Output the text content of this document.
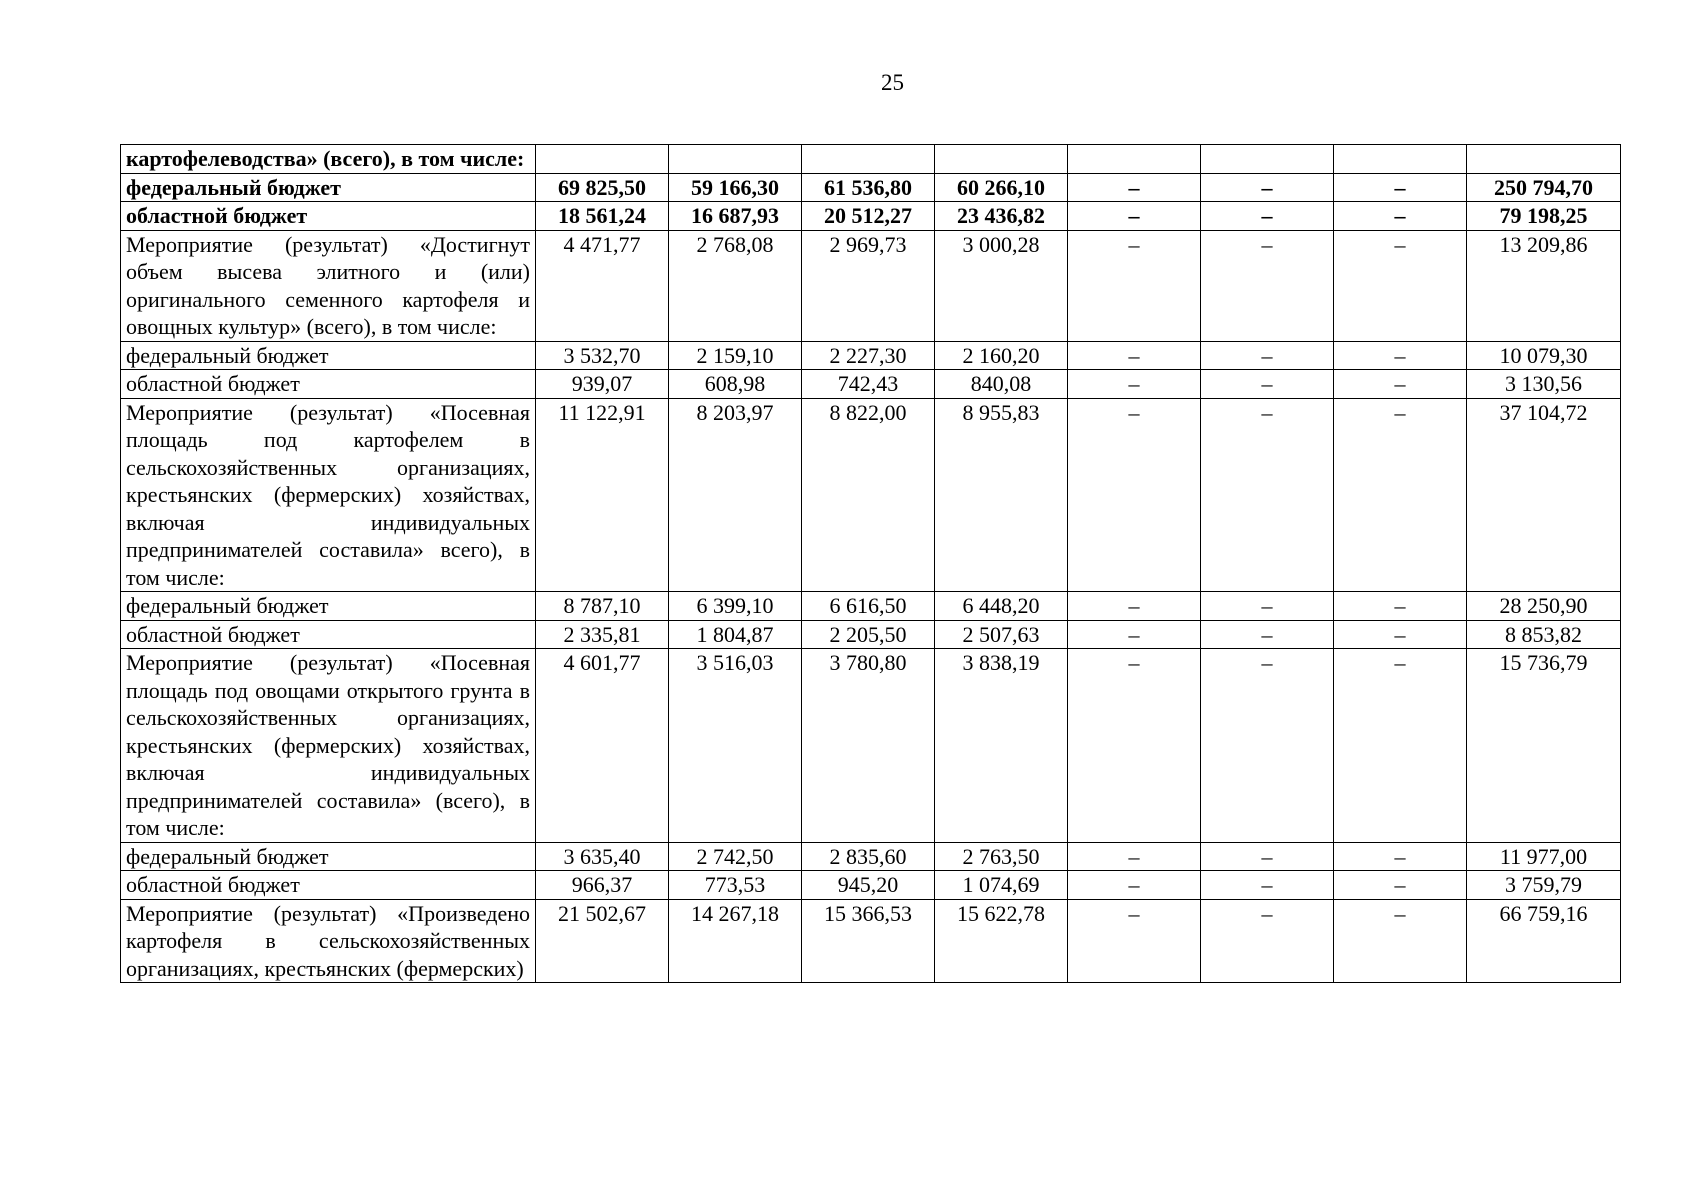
25
картофелеводства» (всего), в том числе:								
федеральный бюджет	69 825,50	59 166,30	61 536,80	60 266,10	–	–	–	250 794,70
областной бюджет	18 561,24	16 687,93	20 512,27	23 436,82	–	–	–	79 198,25
Мероприятие (результат) «Достигнут объем высева элитного и (или) оригинального семенного картофеля и овощных культур» (всего), в том числе:	4 471,77	2 768,08	2 969,73	3 000,28	–	–	–	13 209,86
федеральный бюджет	3 532,70	2 159,10	2 227,30	2 160,20	–	–	–	10 079,30
областной бюджет	939,07	608,98	742,43	840,08	–	–	–	3 130,56
Мероприятие (результат) «Посевная площадь под картофелем в сельскохозяйственных организациях, крестьянских (фермерских) хозяйствах, включая индивидуальных предпринимателей составила» всего), в том числе:	11 122,91	8 203,97	8 822,00	8 955,83	–	–	–	37 104,72
федеральный бюджет	8 787,10	6 399,10	6 616,50	6 448,20	–	–	–	28 250,90
областной бюджет	2 335,81	1 804,87	2 205,50	2 507,63	–	–	–	8 853,82
Мероприятие (результат) «Посевная площадь под овощами открытого грунта в сельскохозяйственных организациях, крестьянских (фермерских) хозяйствах, включая индивидуальных предпринимателей составила» (всего), в том числе:	4 601,77	3 516,03	3 780,80	3 838,19	–	–	–	15 736,79
федеральный бюджет	3 635,40	2 742,50	2 835,60	2 763,50	–	–	–	11 977,00
областной бюджет	966,37	773,53	945,20	1 074,69	–	–	–	3 759,79
Мероприятие (результат) «Произведено картофеля в сельскохозяйственных организациях, крестьянских (фермерских)	21 502,67	14 267,18	15 366,53	15 622,78	–	–	–	66 759,16
